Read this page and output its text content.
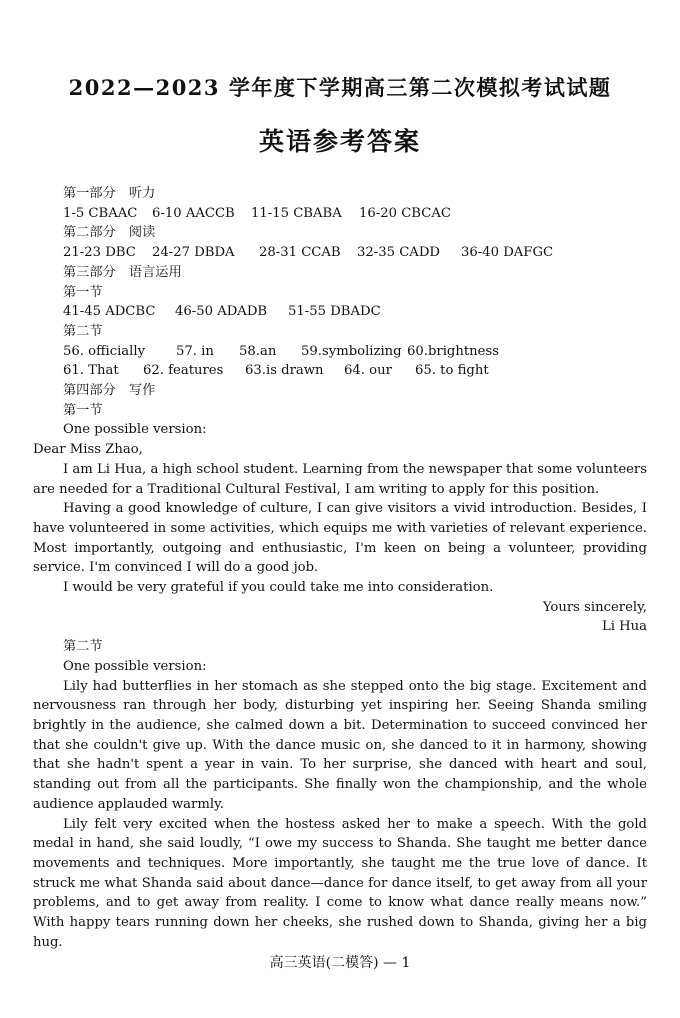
2022—2023 学年度下学期高三第二次模拟考试试题
英语参考答案
第一部分　听力
1-5 CBAAC	6-10 AACCB	11-15 CBABA	16-20 CBCAC
第二部分　阅读
21-23 DBC	24-27 DBDA	28-31 CCAB	32-35 CADD	36-40 DAFGC
第三部分　语言运用
第一节
41-45 ADCBC	46-50 ADADB	51-55 DBADC
第二节
56. officially	57. in	58.an	59.symbolizing 60.brightness
61. That	62. features	63.is drawn	64. our	65. to fight
第四部分　写作
第一节
One possible version:
Dear Miss Zhao,

I am Li Hua, a high school student. Learning from the newspaper that some volunteers are needed for a Traditional Cultural Festival, I am writing to apply for this position.

Having a good knowledge of culture, I can give visitors a vivid introduction. Besides, I have volunteered in some activities, which equips me with varieties of relevant experience. Most importantly, outgoing and enthusiastic, I'm keen on being a volunteer, providing service. I'm convinced I will do a good job.

I would be very grateful if you could take me into consideration.

Yours sincerely,
Li Hua
第二节
One possible version:

Lily had butterflies in her stomach as she stepped onto the big stage. Excitement and nervousness ran through her body, disturbing yet inspiring her. Seeing Shanda smiling brightly in the audience, she calmed down a bit. Determination to succeed convinced her that she couldn't give up. With the dance music on, she danced to it in harmony, showing that she hadn't spent a year in vain. To her surprise, she danced with heart and soul, standing out from all the participants. She finally won the championship, and the whole audience applauded warmly.

Lily felt very excited when the hostess asked her to make a speech. With the gold medal in hand, she said loudly, “I owe my success to Shanda. She taught me better dance movements and techniques. More importantly, she taught me the true love of dance. It struck me what Shanda said about dance—dance for dance itself, to get away from all your problems, and to get away from reality. I come to know what dance really means now.” With happy tears running down her cheeks, she rushed down to Shanda, giving her a big hug.

高三英语(二模答) — 1
